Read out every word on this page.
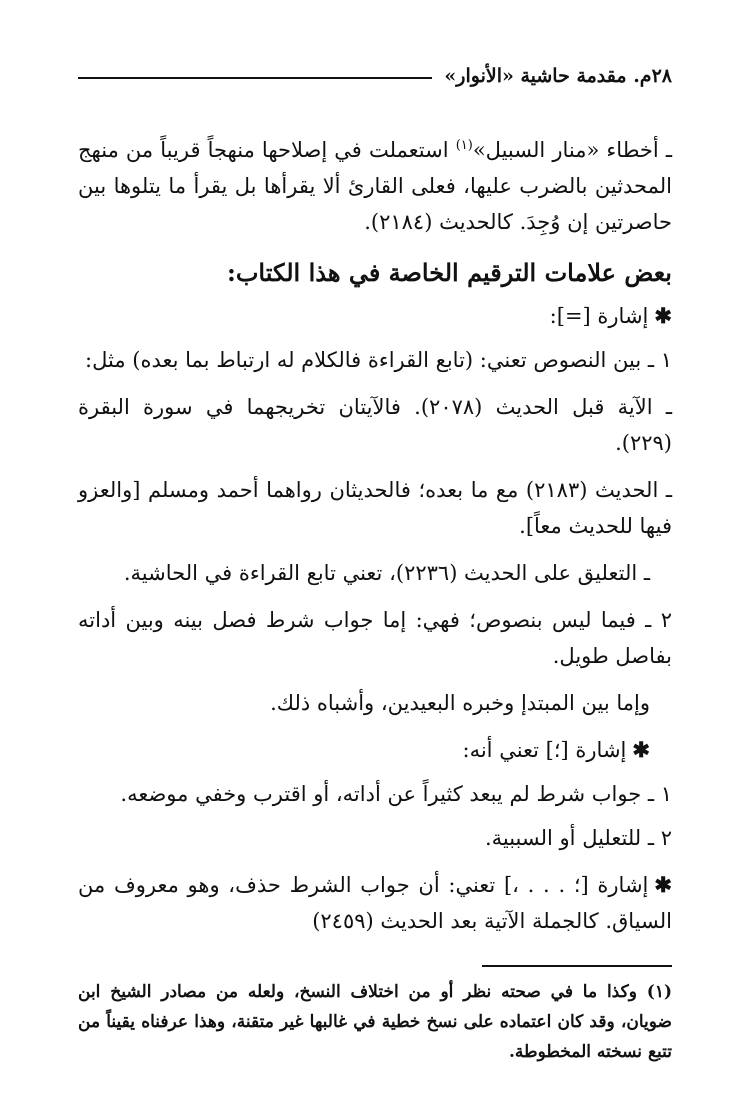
٢٨م. مقدمة حاشية «الأنوار»

ـ أخطاء «منار السبيل»$^{(١)}$ استعملت في إصلاحها منهجاً قريباً من منهج المحدثين بالضرب عليها، فعلى القارئ ألا يقرأها بل يقرأ ما يتلوها بين حاصرتين إن وُجِدَ. كالحديث (٢١٨٤).

بعض علامات الترقيم الخاصة في هذا الكتاب:

✱إشارة [=]:

١ ـ بين النصوص تعني: (تابع القراءة فالكلام له ارتباط بما بعده) مثل:

ـ الآية قبل الحديث (٢٠٧٨). فالآيتان تخريجهما في سورة البقرة (٢٢٩).

ـ الحديث (٢١٨٣) مع ما بعده؛ فالحديثان رواهما أحمد ومسلم [والعزو فيها للحديث معاً].

ـ التعليق على الحديث (٢٢٣٦)، تعني تابع القراءة في الحاشية.

٢ ـ فيما ليس بنصوص؛ فهي: إما جواب شرط فصل بينه وبين أداته بفاصل طويل.

وإما بين المبتدإ وخبره البعيدين، وأشباه ذلك.

✱إشارة [؛] تعني أنه:

١ ـ جواب شرط لم يبعد كثيراً عن أداته، أو اقترب وخفي موضعه.

٢ ـ للتعليل أو السببية.

✱إشارة [؛ . . . ،] تعني: أن جواب الشرط حذف، وهو معروف من السياق. كالجملة الآتية بعد الحديث (٢٤٥٩)

(١) وكذا ما في صحته نظر أو من اختلاف النسخ، ولعله من مصادر الشيخ ابن ضويان، وقد كان اعتماده على نسخ خطية في غالبها غير متقنة، وهذا عرفناه يقيناً من تتبع نسخته المخطوطة.
